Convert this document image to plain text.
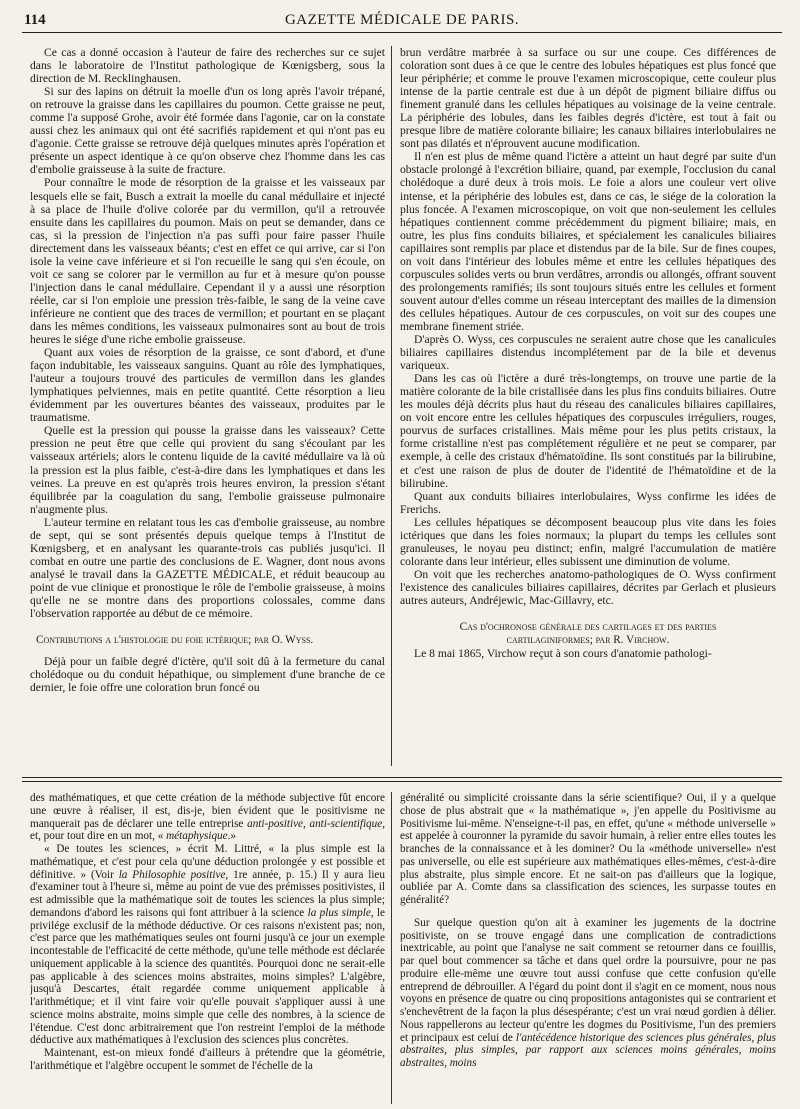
114	GAZETTE MÉDICALE DE PARIS.

Ce cas a donné occasion à l'auteur de faire des recherches sur ce sujet dans le laboratoire de l'Institut pathologique de Kœnigsberg, sous la direction de M. Recklinghausen.

Si sur des lapins on détruit la moelle d'un os long après l'avoir trépané, on retrouve la graisse dans les capillaires du poumon. Cette graisse ne peut, comme l'a supposé Grohe, avoir été formée dans l'agonie, car on la constate aussi chez les animaux qui ont été sacrifiés rapidement et qui n'ont pas eu d'agonie. Cette graisse se retrouve déjà quelques minutes après l'opération et présente un aspect identique à ce qu'on observe chez l'homme dans les cas d'embolie graisseuse à la suite de fracture.

Pour connaître le mode de résorption de la graisse et les vaisseaux par lesquels elle se fait, Busch a extrait la moelle du canal médullaire et injecté à sa place de l'huile d'olive colorée par du vermillon, qu'il a retrouvée ensuite dans les capillaires du poumon. Mais on peut se demander, dans ce cas, si la pression de l'injection n'a pas suffi pour faire passer l'huile directement dans les vaisseaux béants; c'est en effet ce qui arrive, car si l'on isole la veine cave inférieure et si l'on recueille le sang qui s'en écoule, on voit ce sang se colorer par le vermillon au fur et à mesure qu'on pousse l'injection dans le canal médullaire. Cependant il y a aussi une résorption réelle, car si l'on emploie une pression très-faible, le sang de la veine cave inférieure ne contient que des traces de vermillon; et pourtant en se plaçant dans les mêmes conditions, les vaisseaux pulmonaires sont au bout de trois heures le siége d'une riche embolie graisseuse.

Quant aux voies de résorption de la graisse, ce sont d'abord, et d'une façon indubitable, les vaisseaux sanguins. Quant au rôle des lymphatiques, l'auteur a toujours trouvé des particules de vermillon dans les glandes lymphatiques pelviennes, mais en petite quantité. Cette résorption a lieu évidemment par les ouvertures béantes des vaisseaux, produites par le traumatisme.

Quelle est la pression qui pousse la graisse dans les vaisseaux? Cette pression ne peut être que celle qui provient du sang s'écoulant par les vaisseaux artériels; alors le contenu liquide de la cavité médullaire va là où la pression est la plus faible, c'est-à-dire dans les lymphatiques et dans les veines. La preuve en est qu'après trois heures environ, la pression s'étant équilibrée par la coagulation du sang, l'embolie graisseuse pulmonaire n'augmente plus.

L'auteur termine en relatant tous les cas d'embolie graisseuse, au nombre de sept, qui se sont présentés depuis quelque temps à l'Institut de Kœnigsberg, et en analysant les quarante-trois cas publiés jusqu'ici. Il combat en outre une partie des conclusions de E. Wagner, dont nous avons analysé le travail dans la GAZETTE MÉDICALE, et réduit beaucoup au point de vue clinique et pronostique le rôle de l'embolie graisseuse, à moins qu'elle ne se montre dans des proportions colossales, comme dans l'observation rapportée au début de ce mémoire.

Contributions a l'histologie du foie ictérique; par O. Wyss.

Déjà pour un faible degré d'ictère, qu'il soit dû à la fermeture du canal cholédoque ou du conduit hépathique, ou simplement d'une branche de ce dernier, le foie offre une coloration brun foncé ou

brun verdâtre marbrée à sa surface ou sur une coupe. Ces différences de coloration sont dues à ce que le centre des lobules hépatiques est plus foncé que leur périphérie; et comme le prouve l'examen microscopique, cette couleur plus intense de la partie centrale est due à un dépôt de pigment biliaire diffus ou finement granulé dans les cellules hépatiques au voisinage de la veine centrale. La périphérie des lobules, dans les faibles degrés d'ictère, est tout à fait ou presque libre de matière colorante biliaire; les canaux biliaires interlobulaires ne sont pas dilatés et n'éprouvent aucune modification.

Il n'en est plus de même quand l'ictère a atteint un haut degré par suite d'un obstacle prolongé à l'excrétion biliaire, quand, par exemple, l'occlusion du canal cholédoque a duré deux à trois mois. Le foie a alors une couleur vert olive intense, et la périphérie des lobules est, dans ce cas, le siége de la coloration la plus foncée. A l'examen microscopique, on voit que non-seulement les cellules hépatiques contiennent comme précédemment du pigment biliaire; mais, en outre, les plus fins conduits biliaires, et spécialement les canalicules biliaires capillaires sont remplis par place et distendus par de la bile. Sur de fines coupes, on voit dans l'intérieur des lobules même et entre les cellules hépatiques des corpuscules solides verts ou brun verdâtres, arrondis ou allongés, offrant souvent des prolongements ramifiés; ils sont toujours situés entre les cellules et forment souvent autour d'elles comme un réseau interceptant des mailles de la dimension des cellules hépatiques. Autour de ces corpuscules, on voit sur des coupes une membrane finement striée.

D'après O. Wyss, ces corpuscules ne seraient autre chose que les canalicules biliaires capillaires distendus incomplétement par de la bile et devenus variqueux.

Dans les cas où l'ictère a duré très-longtemps, on trouve une partie de la matière colorante de la bile cristallisée dans les plus fins conduits biliaires. Outre les moules déjà décrits plus haut du réseau des canalicules biliaires capillaires, on voit encore entre les cellules hépatiques des corpuscules irréguliers, rouges, pourvus de surfaces cristallines. Mais même pour les plus petits cristaux, la forme cristalline n'est pas complétement régulière et ne peut se comparer, par exemple, à celle des cristaux d'hématoïdine. Ils sont constitués par la bilirubine, et c'est une raison de plus de douter de l'identité de l'hématoïdine et de la bilirubine.

Quant aux conduits biliaires interlobulaires, Wyss confirme les idées de Frerichs.

Les cellules hépatiques se décomposent beaucoup plus vite dans les foies ictériques que dans les foies normaux; la plupart du temps les cellules sont granuleuses, le noyau peu distinct; enfin, malgré l'accumulation de matière colorante dans leur intérieur, elles subissent une diminution de volume.

On voit que les recherches anatomo-pathologiques de O. Wyss confirment l'existence des canalicules biliaires capillaires, décrites par Gerlach et plusieurs autres auteurs, Andréjewic, Mac-Gillavry, etc.

Cas d'ochronose générale des cartilages et des parties

cartilaginiformes; par R. Virchow.

Le 8 mai 1865, Virchow reçut à son cours d'anatomie pathologi-

des mathématiques, et que cette création de la méthode subjective fût encore une œuvre à réaliser, il est, dis-je, bien évident que le positivisme ne manquerait pas de déclarer une telle entreprise anti-positive, anti-scientifique, et, pour tout dire en un mot, « métaphysique.»

« De toutes les sciences, » écrit M. Littré, « la plus simple est la mathématique, et c'est pour cela qu'une déduction prolongée y est possible et définitive. » (Voir la Philosophie positive, 1re année, p. 15.) Il y aura lieu d'examiner tout à l'heure si, même au point de vue des prémisses positivistes, il est admissible que la mathématique soit de toutes les sciences la plus simple; demandons d'abord les raisons qui font attribuer à la science la plus simple, le privilége exclusif de la méthode déductive. Or ces raisons n'existent pas; non, c'est parce que les mathématiques seules ont fourni jusqu'à ce jour un exemple incontestable de l'efficacité de cette méthode, qu'une telle méthode est déclarée uniquement applicable à la science des quantités. Pourquoi donc ne serait-elle pas applicable à des sciences moins abstraites, moins simples? L'algèbre, jusqu'à Descartes, était regardée comme uniquement applicable à l'arithmétique; et il vint faire voir qu'elle pouvait s'appliquer aussi à une science moins abstraite, moins simple que celle des nombres, à la science de l'étendue. C'est donc arbitrairement que l'on restreint l'emploi de la méthode déductive aux mathématiques à l'exclusion des sciences plus concrètes.

Maintenant, est-on mieux fondé d'ailleurs à prétendre que la géométrie, l'arithmétique et l'algèbre occupent le sommet de l'échelle de la

généralité ou simplicité croissante dans la série scientifique? Oui, il y a quelque chose de plus abstrait que « la mathématique », j'en appelle du Positivisme au Positivisme lui-même. N'enseigne-t-il pas, en effet, qu'une « méthode universelle » est appelée à couronner la pyramide du savoir humain, à relier entre elles toutes les branches de la connaissance et à les dominer? Ou la «méthode universelle» n'est pas universelle, ou elle est supérieure aux mathématiques elles-mêmes, c'est-à-dire plus abstraite, plus simple encore. Et ne sait-on pas d'ailleurs que la logique, oubliée par A. Comte dans sa classification des sciences, les surpasse toutes en généralité?

Sur quelque question qu'on ait à examiner les jugements de la doctrine positiviste, on se trouve engagé dans une complication de contradictions inextricable, au point que l'analyse ne sait comment se retourner dans ce fouillis, par quel bout commencer sa tâche et dans quel ordre la poursuivre, pour ne pas produire elle-même une œuvre tout aussi confuse que cette confusion qu'elle entreprend de débrouiller. A l'égard du point dont il s'agit en ce moment, nous nous voyons en présence de quatre ou cinq propositions antagonistes qui se contrarient et s'enchevêtrent de la façon la plus désespérante; c'est un vrai nœud gordien à délier. Nous rappellerons au lecteur qu'entre les dogmes du Positivisme, l'un des premiers et principaux est celui de l'antécédence historique des sciences plus générales, plus abstraites, plus simples, par rapport aux sciences moins générales, moins abstraites, moins
